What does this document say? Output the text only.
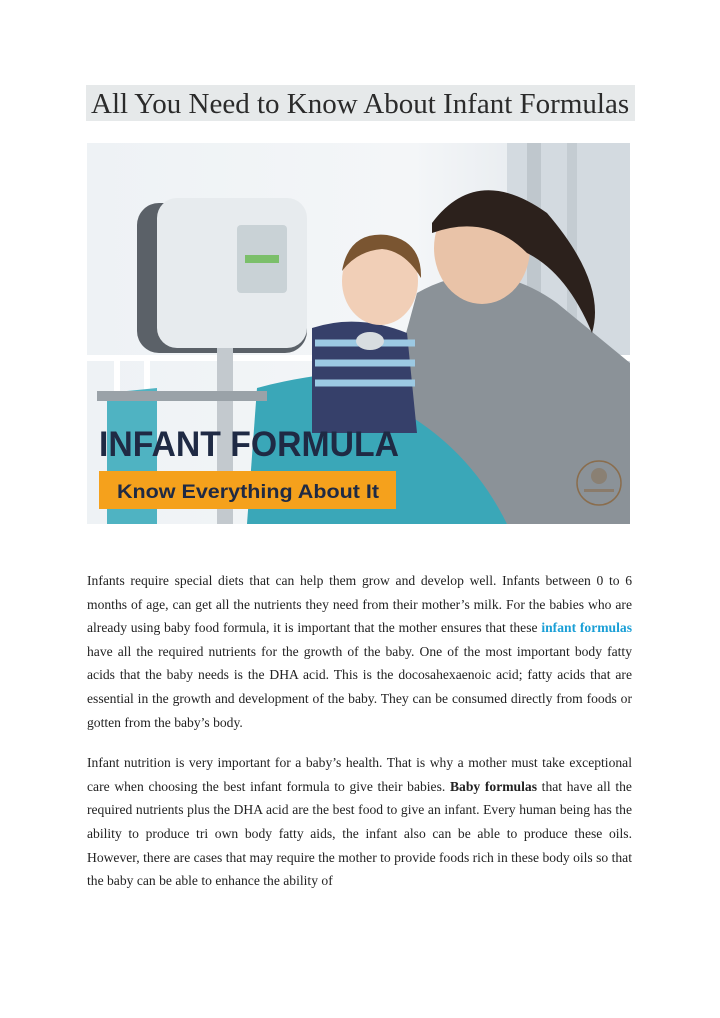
All You Need to Know About Infant Formulas
INFANT FORMULA
Know Everything About It

Infants require special diets that can help them grow and develop well. Infants between 0 to 6 months of age, can get all the nutrients they need from their mother’s milk. For the babies who are already using baby food formula, it is important that the mother ensures that these infant formulas have all the required nutrients for the growth of the baby. One of the most important body fatty acids that the baby needs is the DHA acid. This is the docosahexaenoic acid; fatty acids that are essential in the growth and development of the baby. They can be consumed directly from foods or gotten from the baby’s body.

Infant nutrition is very important for a baby’s health. That is why a mother must take exceptional care when choosing the best infant formula to give their babies. Baby formulas that have all the required nutrients plus the DHA acid are the best food to give an infant. Every human being has the ability to produce tri own body fatty aids, the infant also can be able to produce these oils. However, there are cases that may require the mother to provide foods rich in these body oils so that the baby can be able to enhance the ability of
